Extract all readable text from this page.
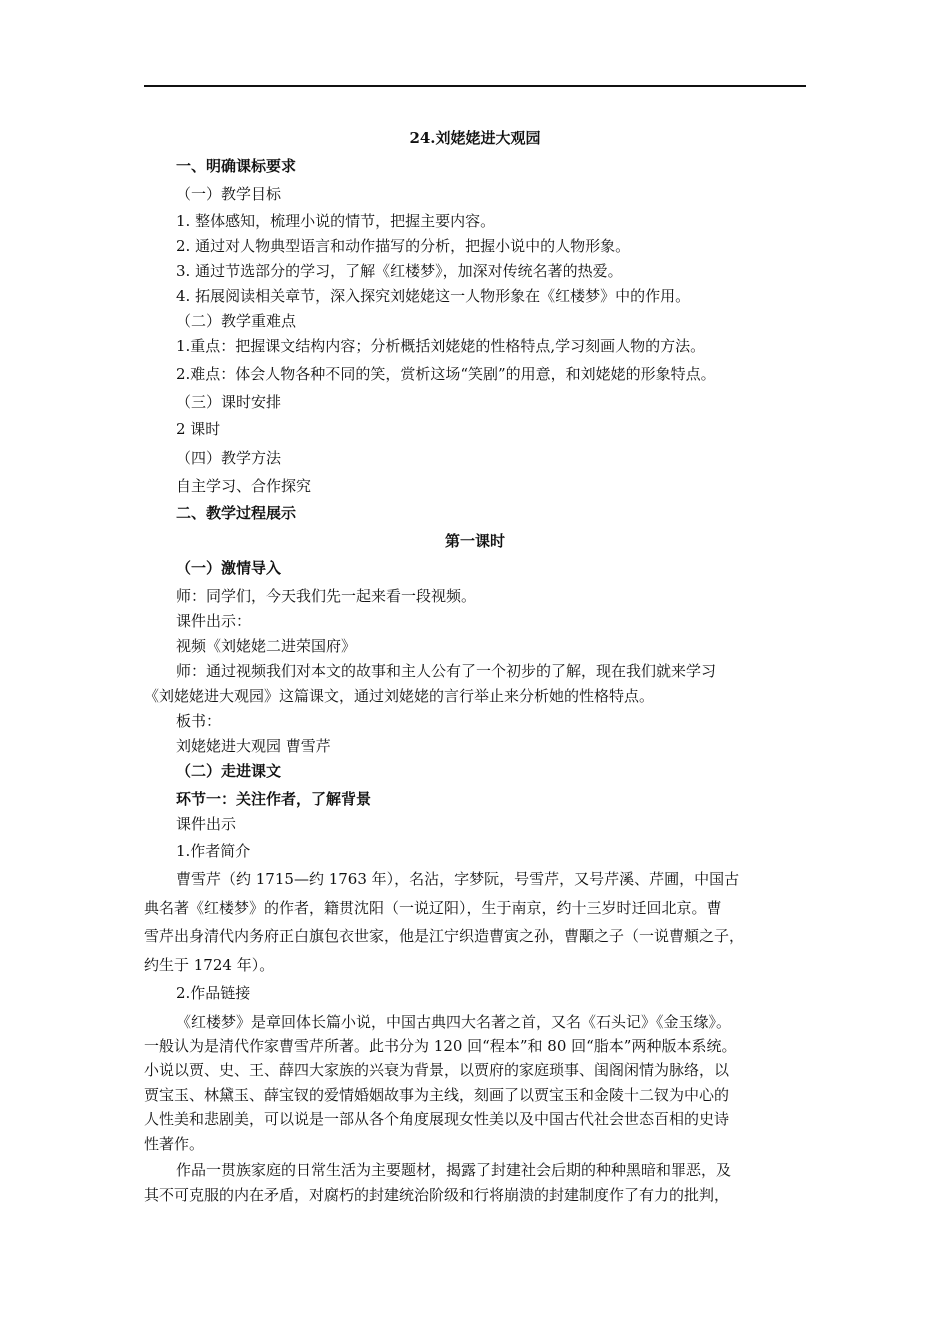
24.刘姥姥进大观园
一、明确课标要求
（一）教学目标
1. 整体感知，梳理小说的情节，把握主要内容。
2. 通过对人物典型语言和动作描写的分析，把握小说中的人物形象。
3. 通过节选部分的学习，了解《红楼梦》，加深对传统名著的热爱。
4. 拓展阅读相关章节，深入探究刘姥姥这一人物形象在《红楼梦》中的作用。
（二）教学重难点
1.重点：把握课文结构内容；分析概括刘姥姥的性格特点,学习刻画人物的方法。
2.难点：体会人物各种不同的笑，赏析这场“笑剧”的用意，和刘姥姥的形象特点。
（三）课时安排
2 课时
（四）教学方法
自主学习、合作探究
二、教学过程展示
第一课时
（一）激情导入
师：同学们，今天我们先一起来看一段视频。
课件出示：
视频《刘姥姥二进荣国府》
师：通过视频我们对本文的故事和主人公有了一个初步的了解，现在我们就来学习
《刘姥姥进大观园》这篇课文，通过刘姥姥的言行举止来分析她的性格特点。
板书：
刘姥姥进大观园 曹雪芹
（二）走进课文
环节一：关注作者，了解背景
课件出示
1.作者简介
曹雪芹（约 1715—约 1763 年），名沾，字梦阮，号雪芹，又号芹溪、芹圃，中国古
典名著《红楼梦》的作者，籍贯沈阳（一说辽阳），生于南京，约十三岁时迁回北京。曹
雪芹出身清代内务府正白旗包衣世家，他是江宁织造曹寅之孙，曹顒之子（一说曹頫之子，
约生于 1724 年）。
2.作品链接
《红楼梦》是章回体长篇小说，中国古典四大名著之首，又名《石头记》《金玉缘》。
一般认为是清代作家曹雪芹所著。此书分为 120 回“程本”和 80 回“脂本”两种版本系统。
小说以贾、史、王、薛四大家族的兴衰为背景，以贾府的家庭琐事、闺阁闲情为脉络，以
贾宝玉、林黛玉、薛宝钗的爱情婚姻故事为主线，刻画了以贾宝玉和金陵十二钗为中心的
人性美和悲剧美，可以说是一部从各个角度展现女性美以及中国古代社会世态百相的史诗
性著作。
作品一贯族家庭的日常生活为主要题材，揭露了封建社会后期的种种黑暗和罪恶，及
其不可克服的内在矛盾，对腐朽的封建统治阶级和行将崩溃的封建制度作了有力的批判，
